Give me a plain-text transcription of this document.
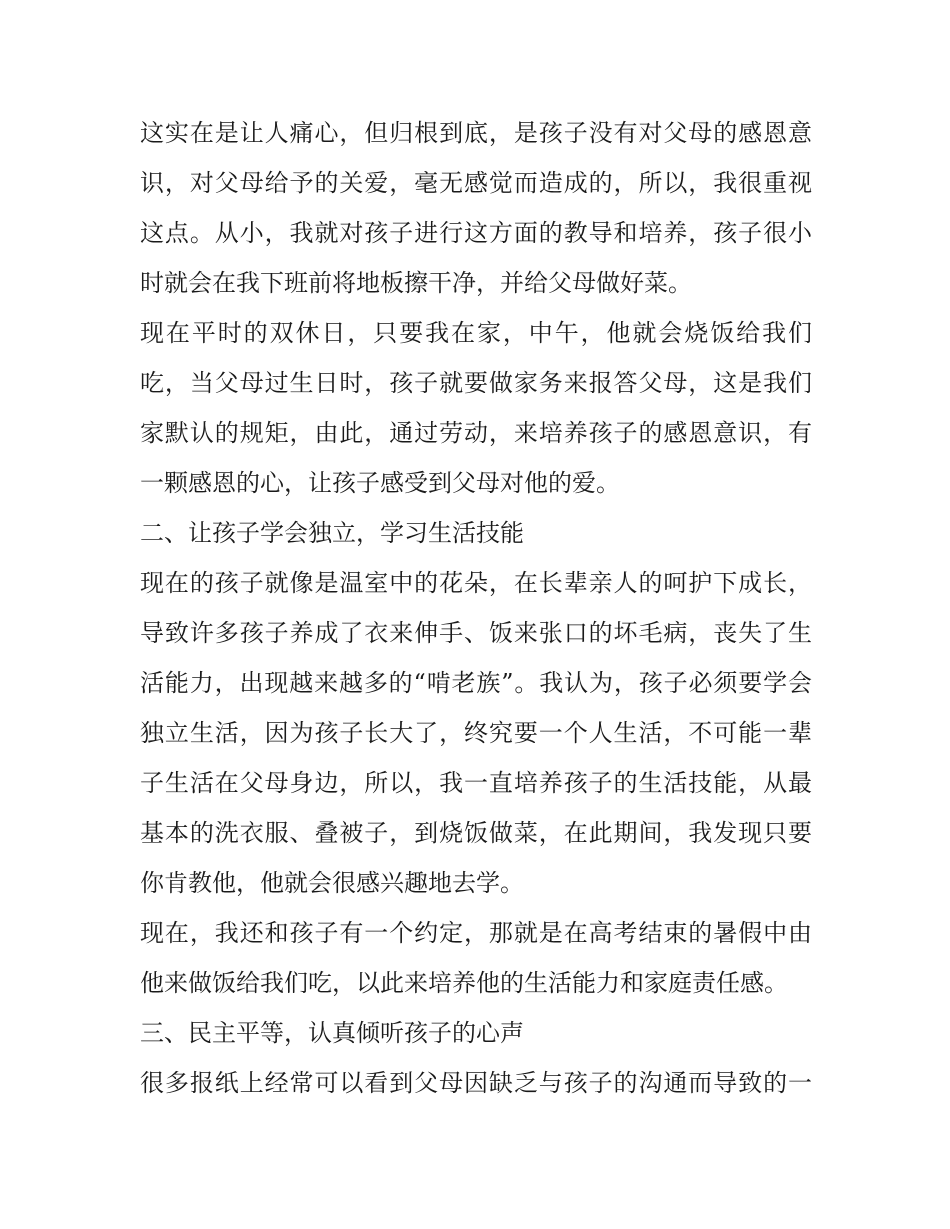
这实在是让人痛心，但归根到底，是孩子没有对父母的感恩意
识，对父母给予的关爱，毫无感觉而造成的，所以，我很重视
这点。从小，我就对孩子进行这方面的教导和培养，孩子很小
时就会在我下班前将地板擦干净，并给父母做好菜。
现在平时的双休日，只要我在家，中午，他就会烧饭给我们
吃，当父母过生日时，孩子就要做家务来报答父母，这是我们
家默认的规矩，由此，通过劳动，来培养孩子的感恩意识，有
一颗感恩的心，让孩子感受到父母对他的爱。
二、让孩子学会独立，学习生活技能
现在的孩子就像是温室中的花朵，在长辈亲人的呵护下成长，
导致许多孩子养成了衣来伸手、饭来张口的坏毛病，丧失了生
活能力，出现越来越多的“啃老族”。我认为，孩子必须要学会
独立生活，因为孩子长大了，终究要一个人生活，不可能一辈
子生活在父母身边，所以，我一直培养孩子的生活技能，从最
基本的洗衣服、叠被子，到烧饭做菜，在此期间，我发现只要
你肯教他，他就会很感兴趣地去学。
现在，我还和孩子有一个约定，那就是在高考结束的暑假中由
他来做饭给我们吃，以此来培养他的生活能力和家庭责任感。
三、民主平等，认真倾听孩子的心声
很多报纸上经常可以看到父母因缺乏与孩子的沟通而导致的一
